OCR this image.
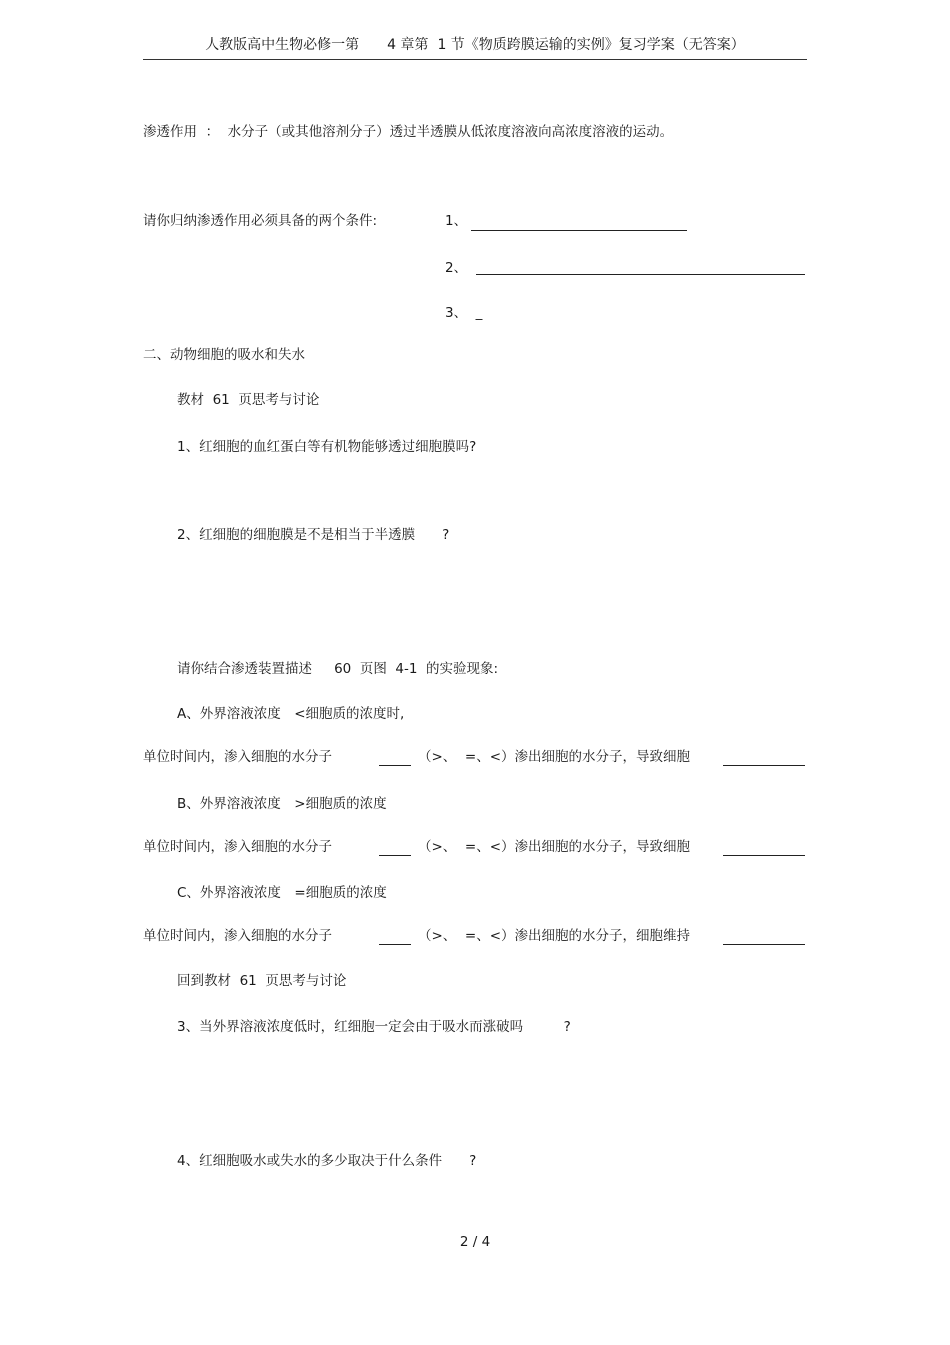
人教版高中生物必修一第　　4 章第  1 节《物质跨膜运输的实例》复习学案（无答案）
渗透作用  ：  水分子（或其他溶剂分子）透过半透膜从低浓度溶液向高浓度溶液的运动。
请你归纳渗透作用必须具备的两个条件:	1、
2、
3、  _
二、动物细胞的吸水和失水
教材  61  页思考与讨论
1、红细胞的血红蛋白等有机物能够透过细胞膜吗?
2、红细胞的细胞膜是不是相当于半透膜　　?
请你结合渗透装置描述　  60  页图  4-1  的实验现象:
A、外界溶液浓度　<细胞质的浓度时,
单位时间内，渗入细胞的水分子	（>、  =、<）渗出细胞的水分子，导致细胞
B、外界溶液浓度　>细胞质的浓度
单位时间内，渗入细胞的水分子	（>、  =、<）渗出细胞的水分子，导致细胞
C、外界溶液浓度　=细胞质的浓度
单位时间内，渗入细胞的水分子	（>、  =、<）渗出细胞的水分子，细胞维持
回到教材  61  页思考与讨论
3、当外界溶液浓度低时，红细胞一定会由于吸水而涨破吗　　　?
4、红细胞吸水或失水的多少取决于什么条件　　?
2 / 4
